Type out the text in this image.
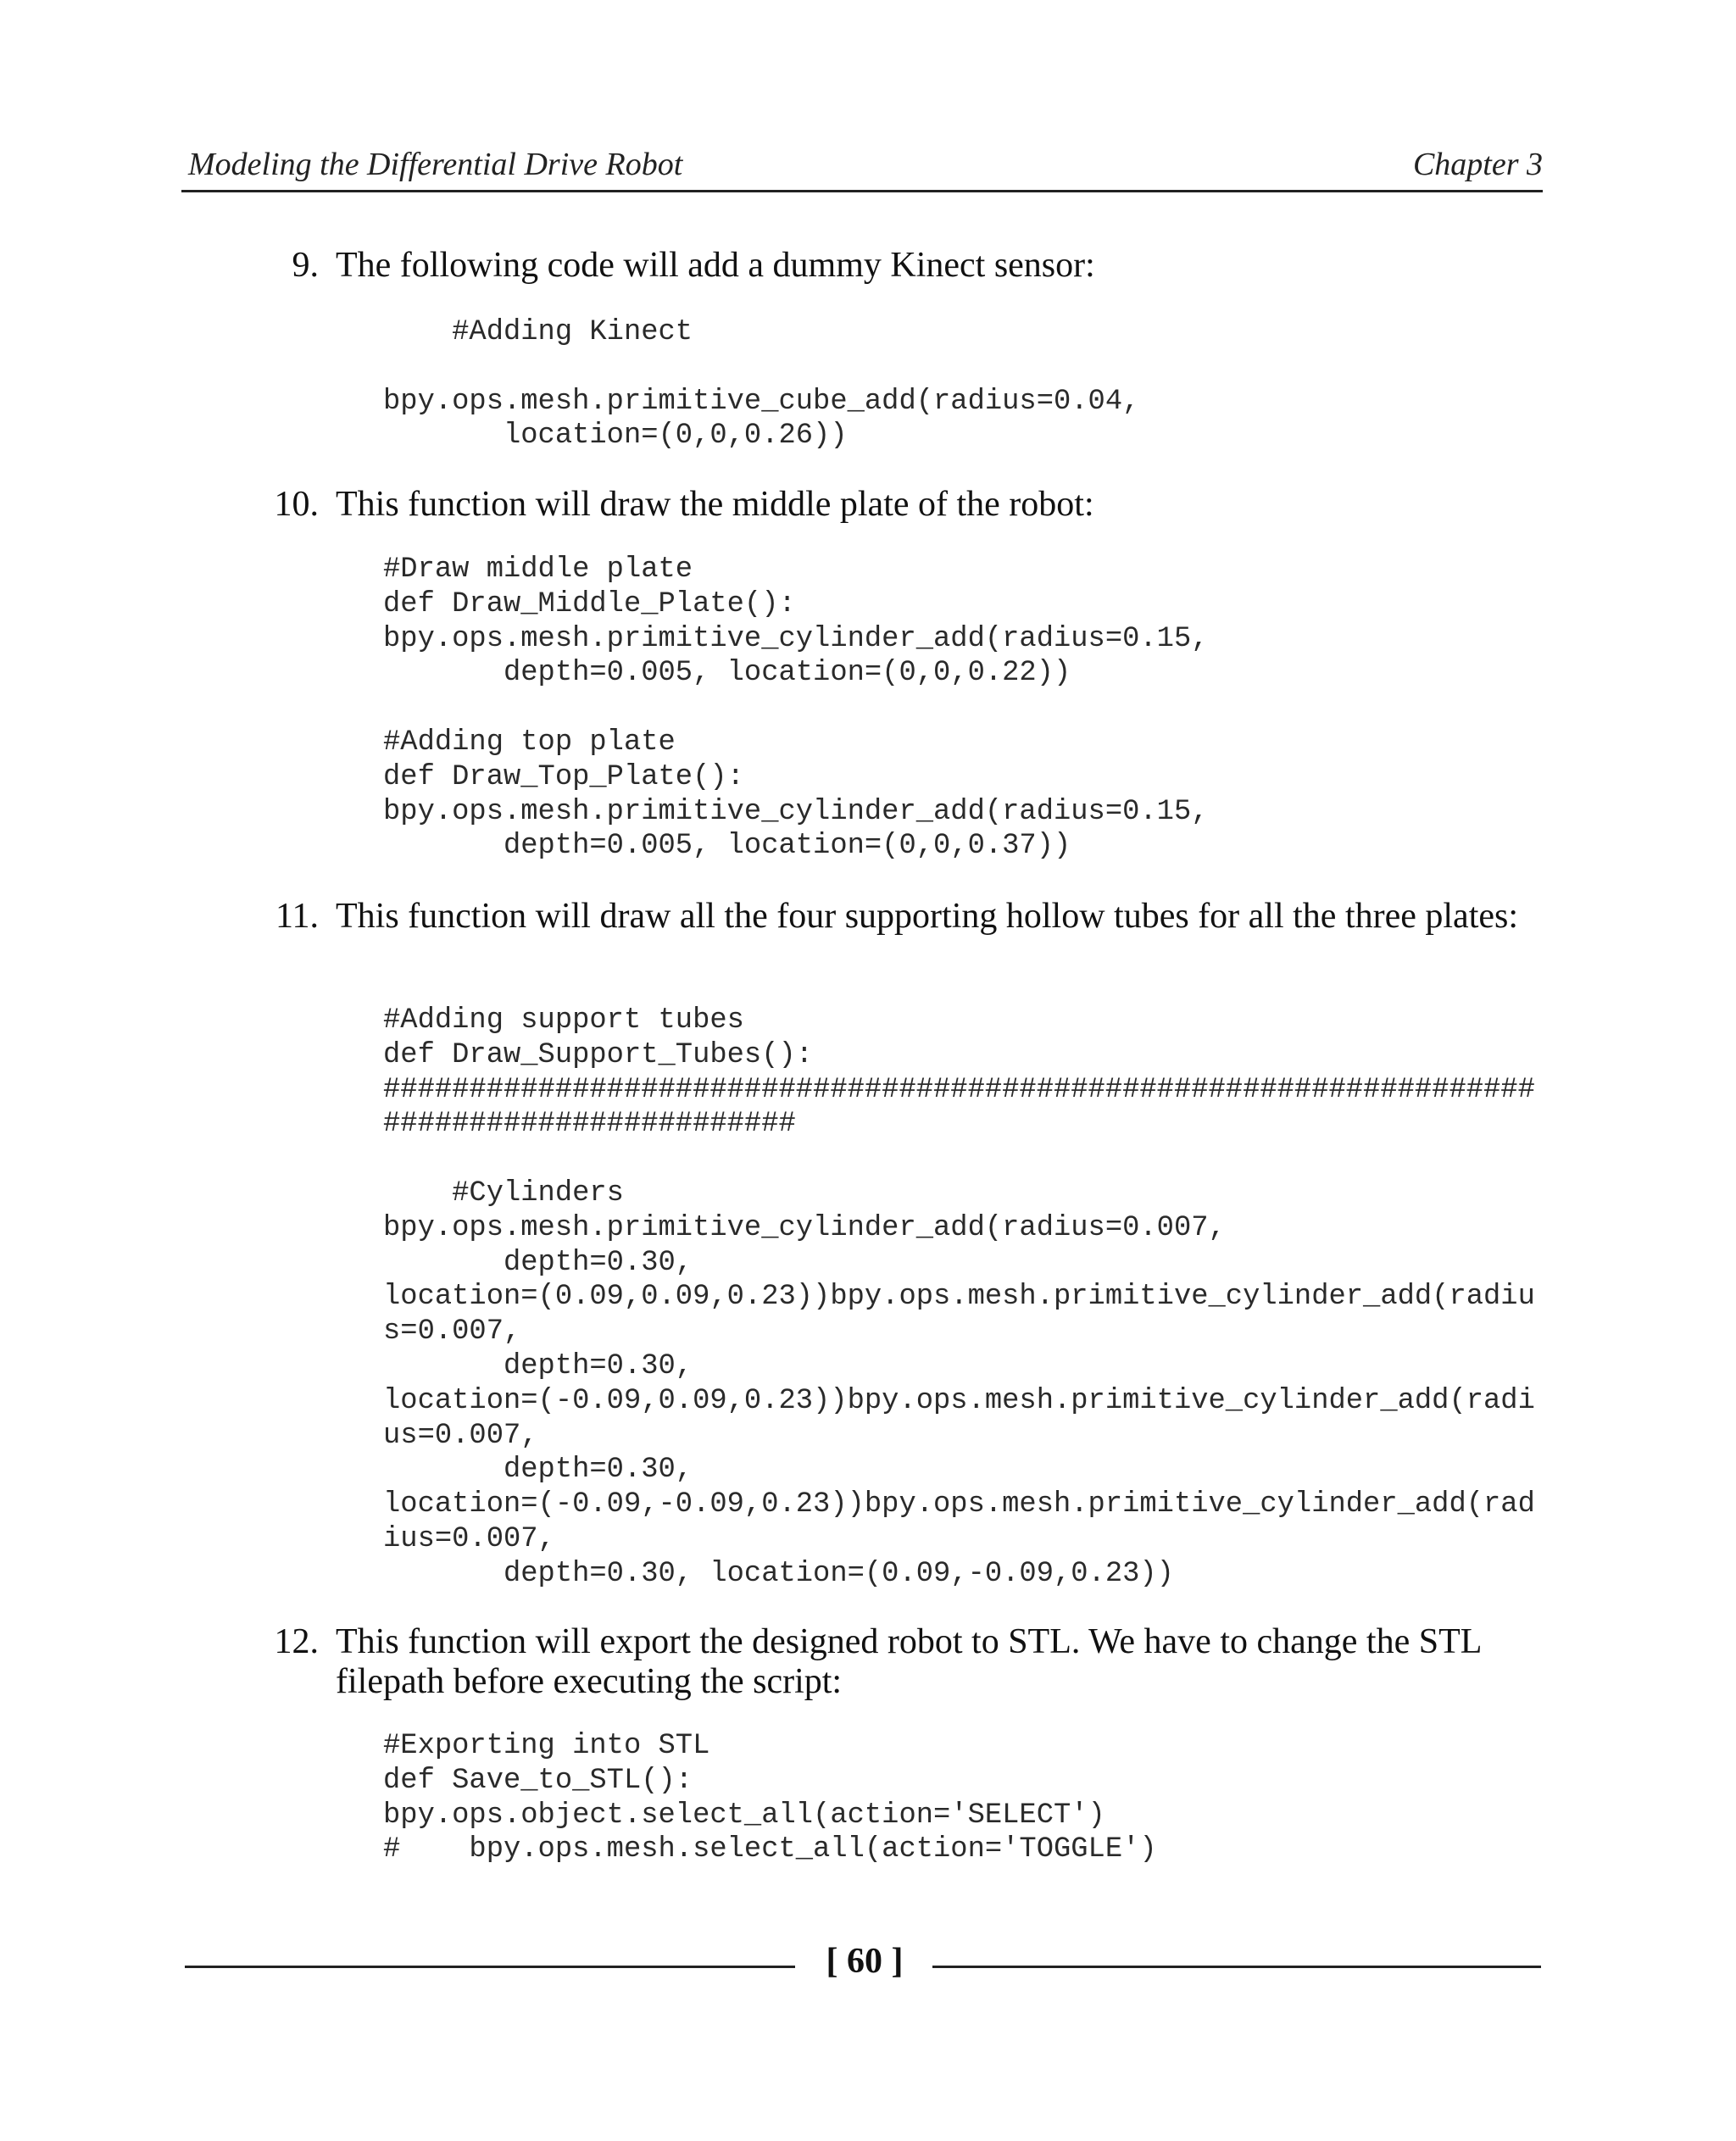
Modeling the Differential Drive Robot	Chapter 3
9. The following code will add a dummy Kinect sensor:
#Adding Kinect

bpy.ops.mesh.primitive_cube_add(radius=0.04,
location=(0,0,0.26))
10. This function will draw the middle plate of the robot:
#Draw middle plate
def Draw_Middle_Plate():
bpy.ops.mesh.primitive_cylinder_add(radius=0.15,
depth=0.005, location=(0,0,0.22))

#Adding top plate
def Draw_Top_Plate():
bpy.ops.mesh.primitive_cylinder_add(radius=0.15,
depth=0.005, location=(0,0,0.37))
11. This function will draw all the four supporting hollow tubes for all the three plates:
#Adding support tubes
def Draw_Support_Tubes():
###################################################################
########################

#Cylinders
bpy.ops.mesh.primitive_cylinder_add(radius=0.007,
depth=0.30,
location=(0.09,0.09,0.23))bpy.ops.mesh.primitive_cylinder_add(radiu
s=0.007,
depth=0.30,
location=(-0.09,0.09,0.23))bpy.ops.mesh.primitive_cylinder_add(radi
us=0.007,
depth=0.30,
location=(-0.09,-0.09,0.23))bpy.ops.mesh.primitive_cylinder_add(rad
ius=0.007,
depth=0.30, location=(0.09,-0.09,0.23))
12. This function will export the designed robot to STL. We have to change the STL filepath before executing the script:
#Exporting into STL
def Save_to_STL():
bpy.ops.object.select_all(action='SELECT')
#    bpy.ops.mesh.select_all(action='TOGGLE')
[ 60 ]
